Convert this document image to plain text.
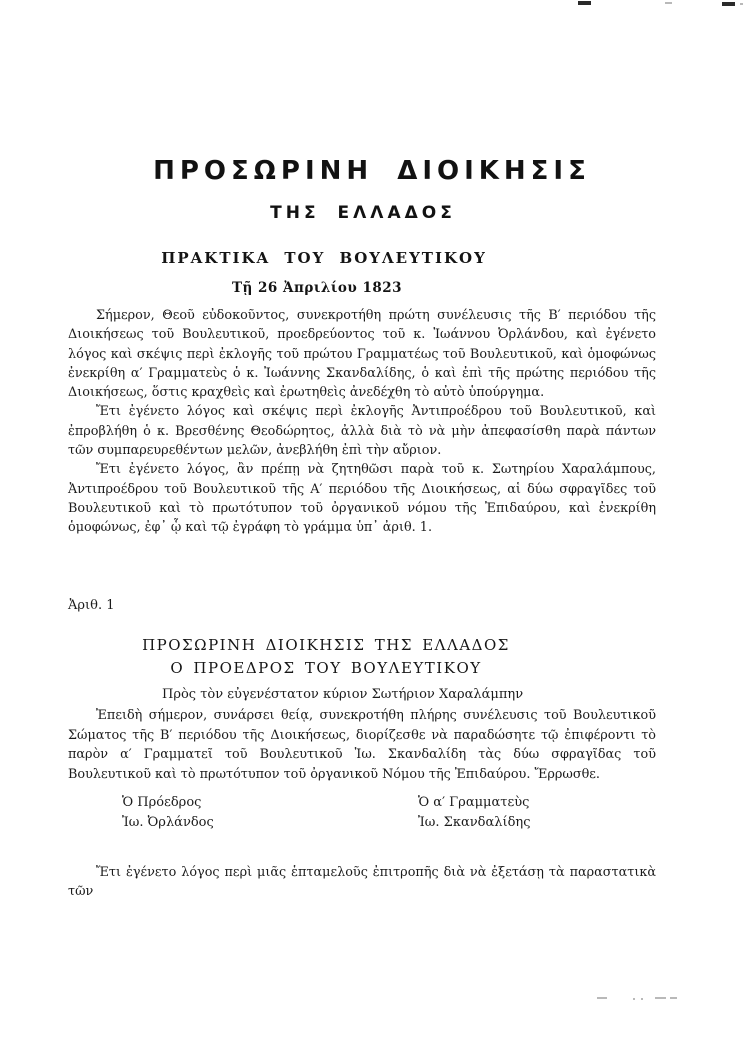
ΠΡΟΣΩΡΙΝΗ ΔΙΟΙΚΗΣΙΣ
ΤΗΣ ΕΛΛΑΔΟΣ
ΠΡΑΚΤΙΚΑ ΤΟΥ ΒΟΥΛΕΥΤΙΚΟΥ
Τῇ 26 Ἀπριλίου 1823

Σήμερον, Θεοῦ εὐδοκοῦντος, συνεκροτήθη πρώτη συνέλευσις τῆς Β′ περιόδου τῆς Διοικήσεως τοῦ Βουλευτικοῦ, προεδρεύοντος τοῦ κ. Ἰωάννου Ὀρλάνδου, καὶ ἐγένετο λόγος καὶ σκέψις περὶ ἐκλογῆς τοῦ πρώτου Γραμματέως τοῦ Βουλευτικοῦ, καὶ ὁμοφώνως ἐνεκρίθη α′ Γραμματεὺς ὁ κ. Ἰωάννης Σκανδαλίδης, ὁ καὶ ἐπὶ τῆς πρώτης περιόδου τῆς Διοικήσεως, ὅστις κραχθεὶς καὶ ἐρωτηθεὶς ἀνεδέχθη τὸ αὐτὸ ὑπούργημα.

Ἔτι ἐγένετο λόγος καὶ σκέψις περὶ ἐκλογῆς Ἀντιπροέδρου τοῦ Βουλευτικοῦ, καὶ ἐπροβλήθη ὁ κ. Βρεσθένης Θεοδώρητος, ἀλλὰ διὰ τὸ νὰ μὴν ἀπεφασίσθη παρὰ πάντων τῶν συμπαρευρεθέντων μελῶν, ἀνεβλήθη ἐπὶ τὴν αὔριον.

Ἔτι ἐγένετο λόγος, ἂν πρέπῃ νὰ ζητηθῶσι παρὰ τοῦ κ. Σωτηρίου Χαραλάμπους, Ἀντιπροέδρου τοῦ Βουλευτικοῦ τῆς Α′ περιόδου τῆς Διοικήσεως, αἱ δύω σφραγῖδες τοῦ Βουλευτικοῦ καὶ τὸ πρωτότυπον τοῦ ὀργανικοῦ νόμου τῆς Ἐπιδαύρου, καὶ ἐνεκρίθη ὁμοφώνως, ἐφ᾽ ᾧ καὶ τῷ ἐγράφη τὸ γράμμα ὑπ᾽ ἀριθ. 1.

Ἀριθ. 1
ΠΡΟΣΩΡΙΝΗ ΔΙΟΙΚΗΣΙΣ ΤΗΣ ΕΛΛΑΔΟΣ
Ο ΠΡΟΕΔΡΟΣ ΤΟΥ ΒΟΥΛΕΥΤΙΚΟΥ
Πρὸς τὸν εὐγενέστατον κύριον Σωτήριον Χαραλάμπην

Ἐπειδὴ σήμερον, συνάρσει θείᾳ, συνεκροτήθη πλήρης συνέλευσις τοῦ Βουλευτικοῦ Σώματος τῆς Β′ περιόδου τῆς Διοικήσεως, διορίζεσθε νὰ παραδώσητε τῷ ἐπιφέροντι τὸ παρὸν α′ Γραμματεῖ τοῦ Βουλευτικοῦ Ἰω. Σκανδαλίδη τὰς δύω σφραγῖδας τοῦ Βουλευτικοῦ καὶ τὸ πρωτότυπον τοῦ ὀργανικοῦ Νόμου τῆς Ἐπιδαύρου. Ἔρρωσθε.

Ὁ Πρόεδρος
Ἰω. Ὀρλάνδος
Ὁ α′ Γραμματεὺς
Ἰω. Σκανδαλίδης

Ἔτι ἐγένετο λόγος περὶ μιᾶς ἑπταμελοῦς ἐπιτροπῆς διὰ νὰ ἐξετάσῃ τὰ παραστατικὰ τῶν
